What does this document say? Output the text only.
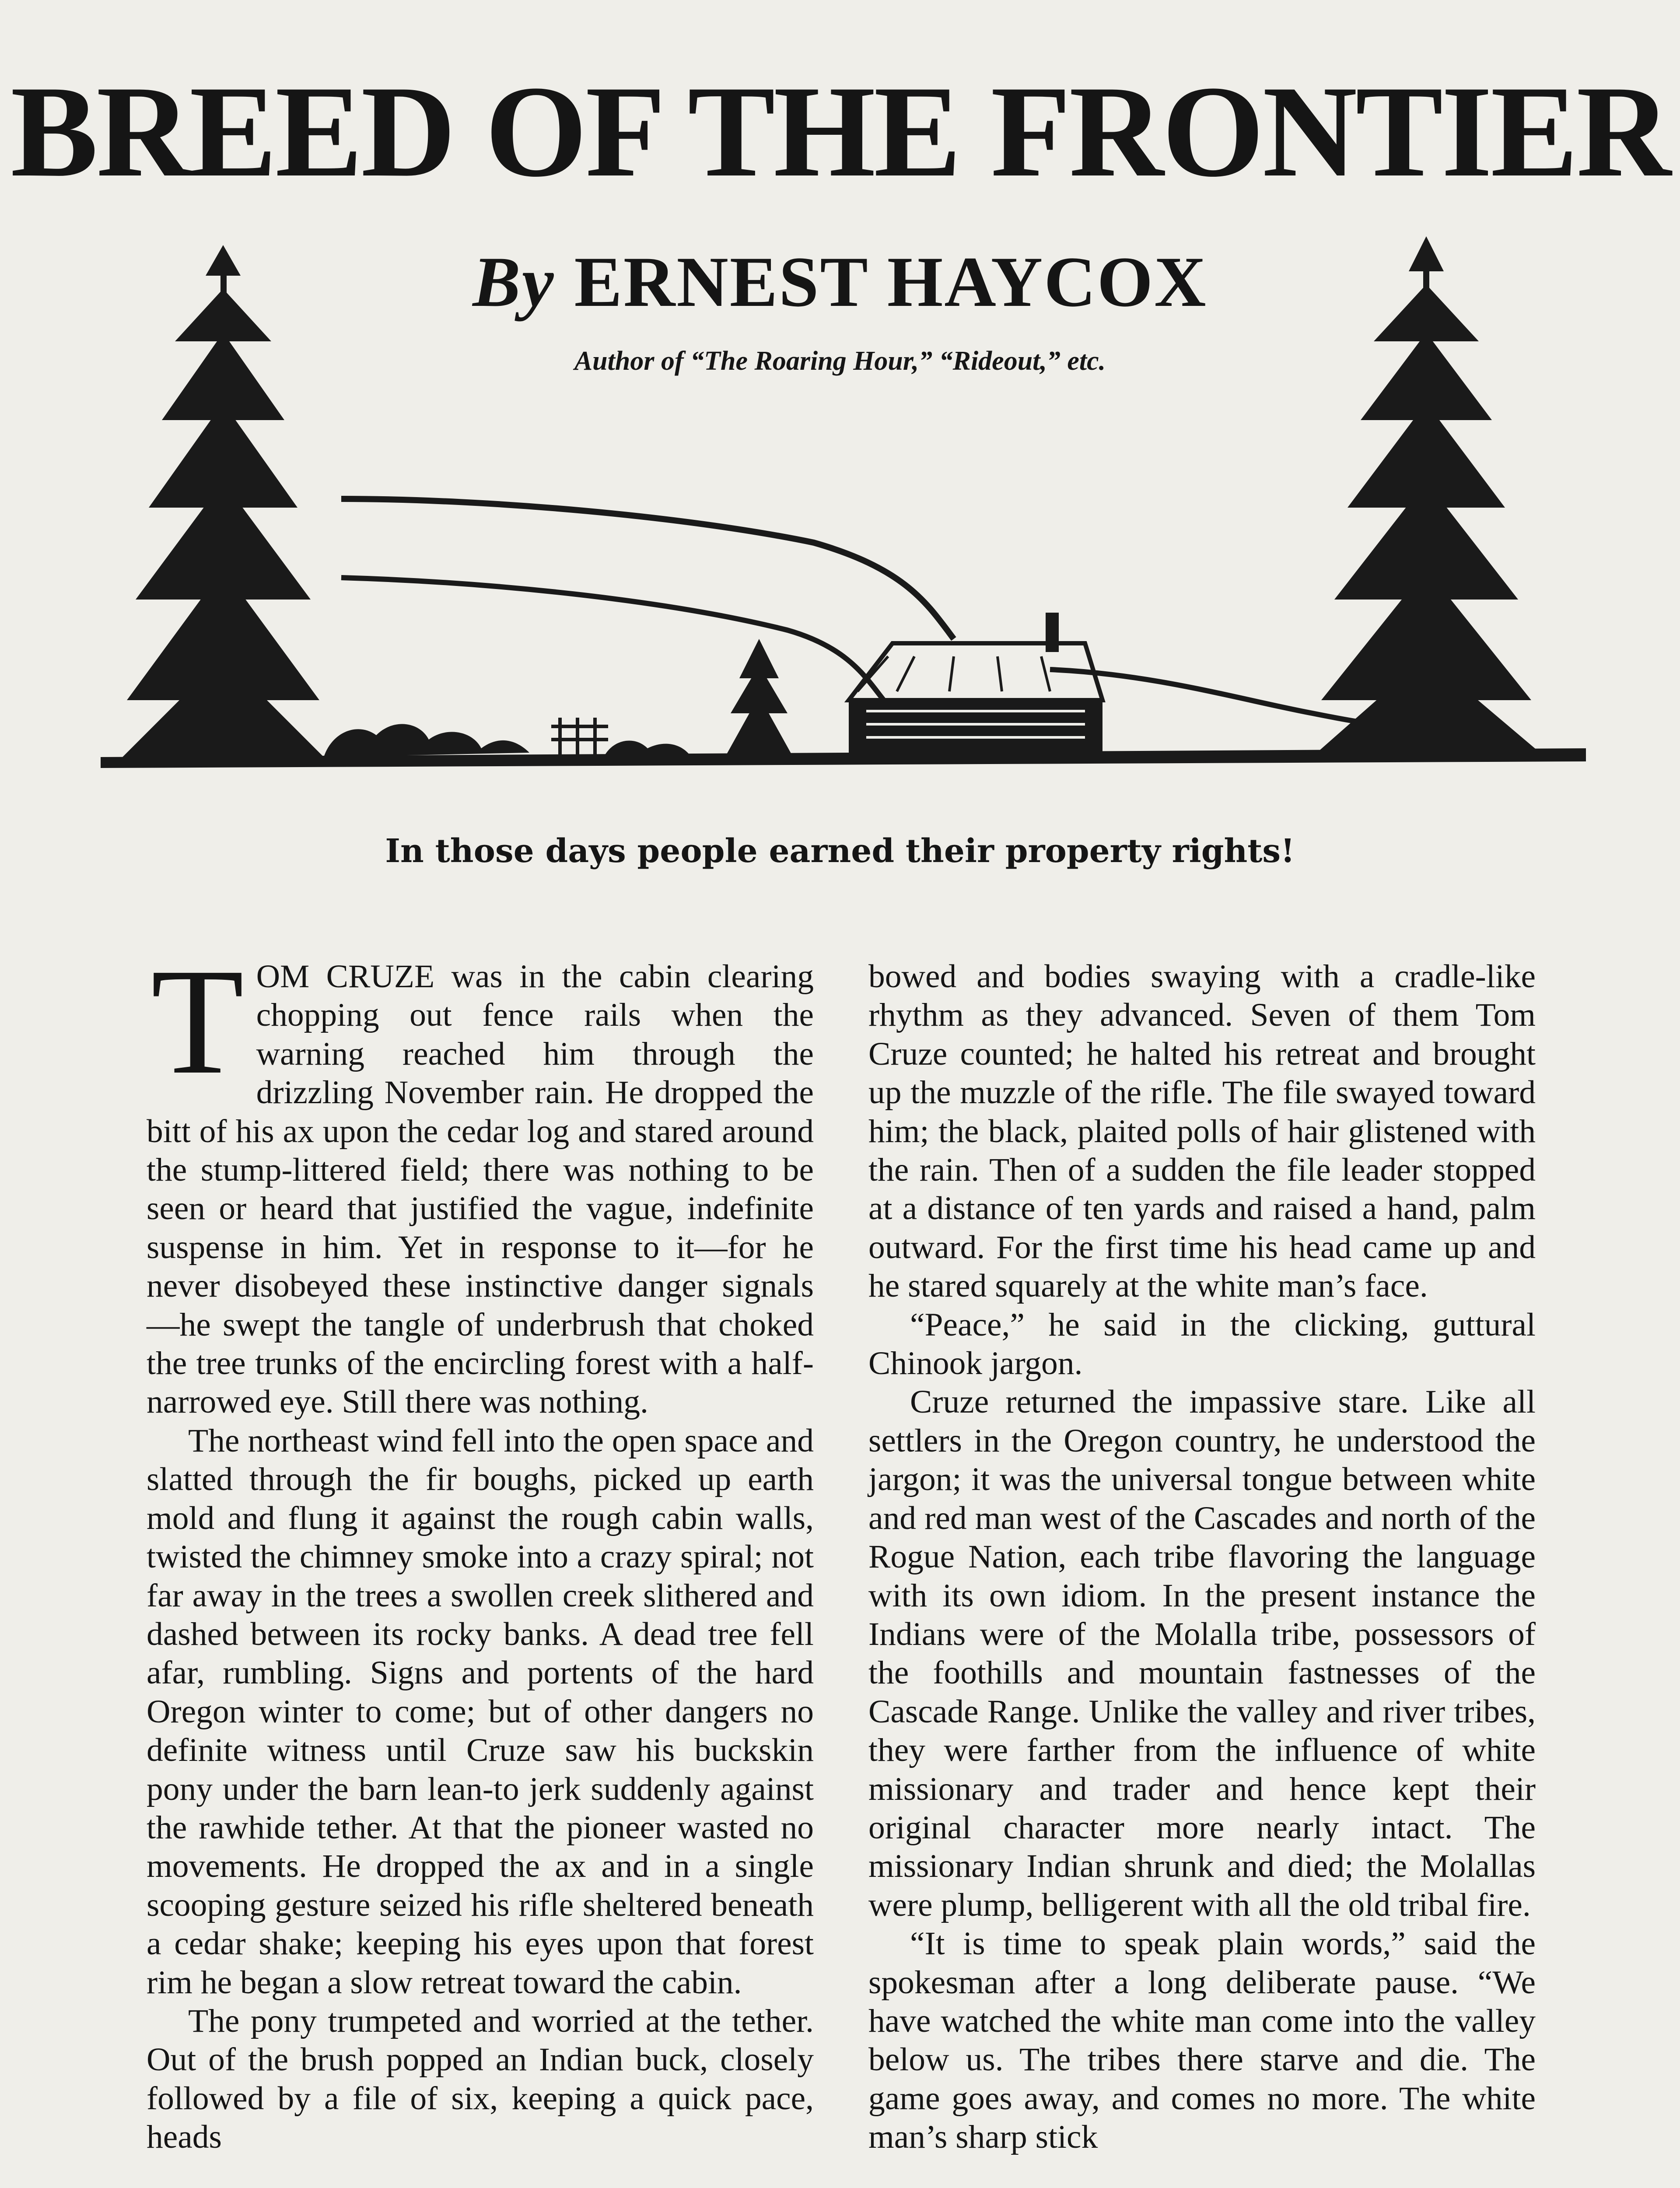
BREED OF THE FRONTIER

By ERNEST HAYCOX

Author of “The Roaring Hour,” “Rideout,” etc.

In those days people earned their property rights!

TOM CRUZE was in the cabin clearing chopping out fence rails when the warning reached him through the drizzling November rain. He dropped the bitt of his ax upon the cedar log and stared around the stump-littered field; there was nothing to be seen or heard that justified the vague, indefinite suspense in him. Yet in response to it—for he never disobeyed these instinctive danger signals—he swept the tangle of underbrush that choked the tree trunks of the encircling forest with a half-narrowed eye. Still there was nothing.

The northeast wind fell into the open space and slatted through the fir boughs, picked up earth mold and flung it against the rough cabin walls, twisted the chimney smoke into a crazy spiral; not far away in the trees a swollen creek slithered and dashed between its rocky banks. A dead tree fell afar, rumbling. Signs and portents of the hard Oregon winter to come; but of other dangers no definite witness until Cruze saw his buckskin pony under the barn lean-to jerk suddenly against the rawhide tether. At that the pioneer wasted no movements. He dropped the ax and in a single scooping gesture seized his rifle sheltered beneath a cedar shake; keeping his eyes upon that forest rim he began a slow retreat toward the cabin.

The pony trumpeted and worried at the tether. Out of the brush popped an Indian buck, closely followed by a file of six, keeping a quick pace, heads

bowed and bodies swaying with a cradle-like rhythm as they advanced. Seven of them Tom Cruze counted; he halted his retreat and brought up the muzzle of the rifle. The file swayed toward him; the black, plaited polls of hair glistened with the rain. Then of a sudden the file leader stopped at a distance of ten yards and raised a hand, palm outward. For the first time his head came up and he stared squarely at the white man’s face.

“Peace,” he said in the clicking, guttural Chinook jargon.

Cruze returned the impassive stare. Like all settlers in the Oregon country, he understood the jargon; it was the universal tongue between white and red man west of the Cascades and north of the Rogue Nation, each tribe flavoring the language with its own idiom. In the present instance the Indians were of the Molalla tribe, possessors of the foothills and mountain fastnesses of the Cascade Range. Unlike the valley and river tribes, they were farther from the influence of white missionary and trader and hence kept their original character more nearly intact. The missionary Indian shrunk and died; the Molallas were plump, belligerent with all the old tribal fire.

“It is time to speak plain words,” said the spokesman after a long deliberate pause. “We have watched the white man come into the valley below us. The tribes there starve and die. The game goes away, and comes no more. The white man’s sharp stick
